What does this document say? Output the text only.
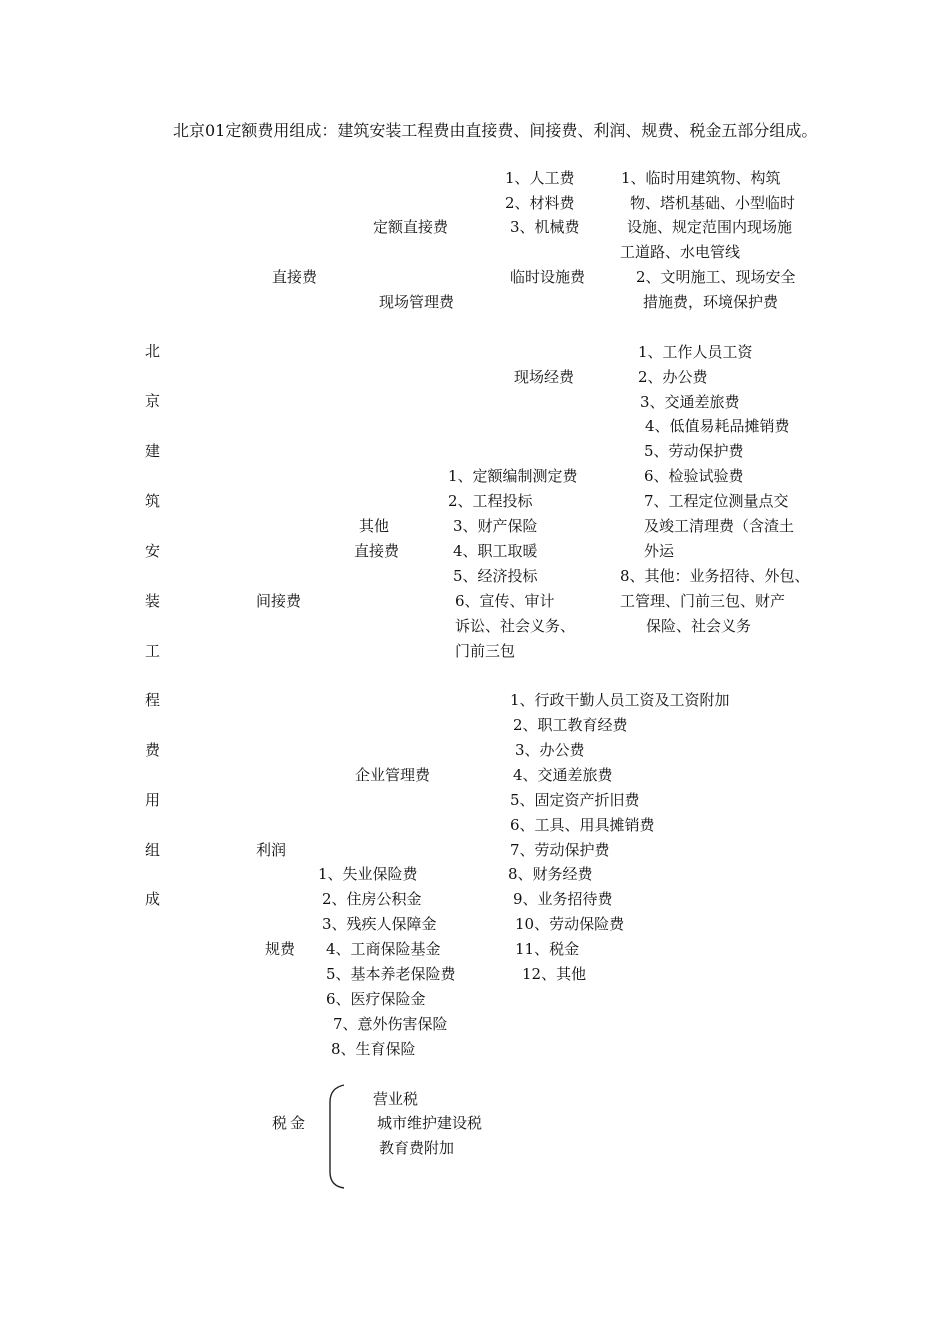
北京01定额费用组成：建筑安装工程费由直接费、间接费、利润、规费、税金五部分组成。
北
京
建
筑
安
装
工
程
费
用
组
成
直接费
定额直接费
现场管理费
1、人工费
2、材料费
3、机械费
临时设施费
1、临时用建筑物、构筑
物、塔机基础、小型临时
设施、规定范围内现场施
工道路、水电管线
2、文明施工、现场安全
措施费，环境保护费
现场经费
1、工作人员工资
2、办公费
3、交通差旅费
4、低值易耗品摊销费
5、劳动保护费
6、检验试验费
7、工程定位测量点交
及竣工清理费（含渣土
外运
8、其他：业务招待、外包、
工管理、门前三包、财产
保险、社会义务
其他
直接费
1、定额编制测定费
2、工程投标
3、财产保险
4、职工取暖
5、经济投标
6、宣传、审计
诉讼、社会义务、
门前三包
间接费
企业管理费
1、行政干勤人员工资及工资附加
2、职工教育经费
3、办公费
4、交通差旅费
5、固定资产折旧费
6、工具、用具摊销费
7、劳动保护费
8、财务经费
9、业务招待费
10、劳动保险费
11、税金
12、其他
利润
规费
1、失业保险费
2、住房公积金
3、残疾人保障金
4、工商保险基金
5、基本养老保险费
6、医疗保险金
7、意外伤害保险
8、生育保险
税金
营业税
城市维护建设税
教育费附加
